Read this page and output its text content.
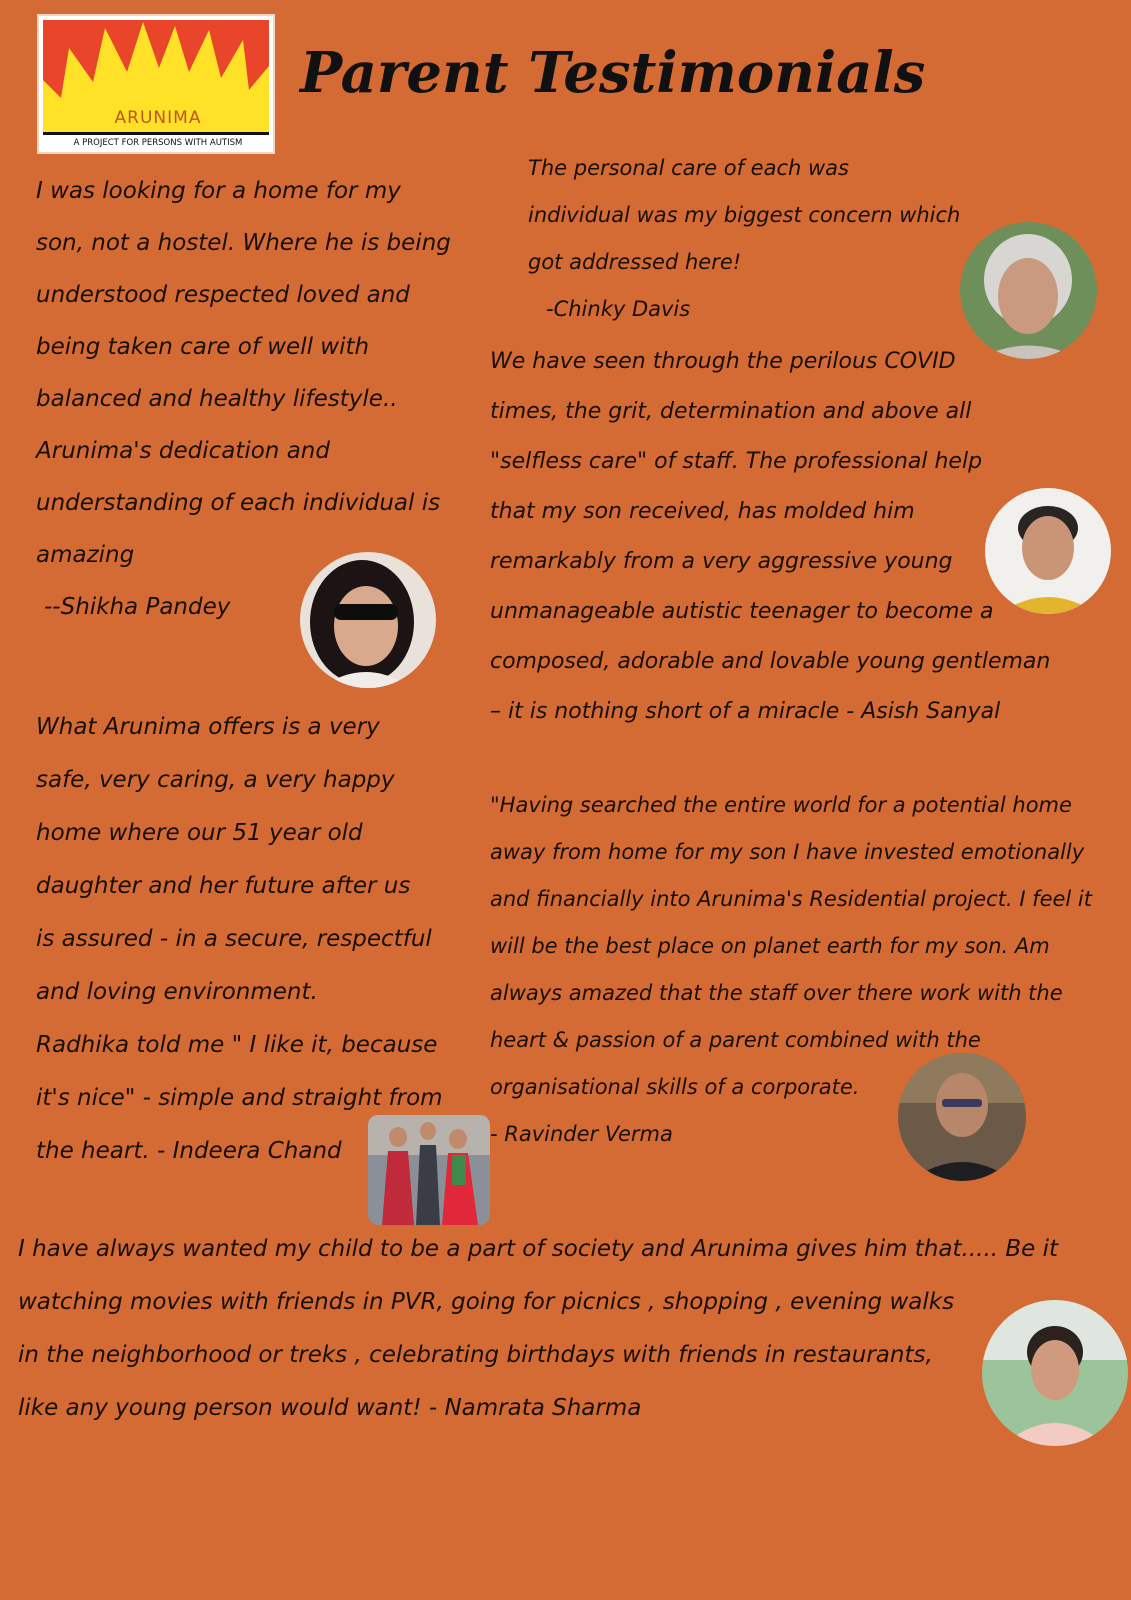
ARUNIMA
A PROJECT FOR PERSONS WITH AUTISM
Parent Testimonials

I was looking for a home for my

son, not a hostel. Where he is being

understood respected loved and

being taken care of well with

balanced and healthy lifestyle..

Arunima's dedication and

understanding of each individual is

amazing

--Shikha Pandey

The personal care of each was

individual was my biggest concern which

got addressed here!

-Chinky Davis

We have seen through the perilous COVID

times, the grit, determination and above all

"selfless care" of staff. The professional help

that my son received, has molded him

remarkably from a very aggressive young

unmanageable autistic teenager to become a

composed, adorable and lovable young gentleman

– it is nothing short of a miracle - Asish Sanyal

What Arunima offers is a very

safe, very caring, a very happy

home where our 51 year old

daughter and her future after us

is assured - in a secure, respectful

and loving environment.

Radhika told me " I like it, because

it's nice" - simple and straight from

the heart. - Indeera Chand

"Having searched the entire world for a potential home

away from home for my son I have invested emotionally

and financially into Arunima's Residential project. I feel it

will be the best place on planet earth for my son. Am

always amazed that the staff over there work with the

heart & passion of a parent combined with the

organisational skills of a corporate.

- Ravinder Verma

I have always wanted my child to be a part of society and Arunima gives him that..... Be it

watching movies with friends in PVR, going for picnics , shopping , evening walks

in the neighborhood or treks , celebrating birthdays with friends in restaurants,

like any young person would want! - Namrata Sharma
